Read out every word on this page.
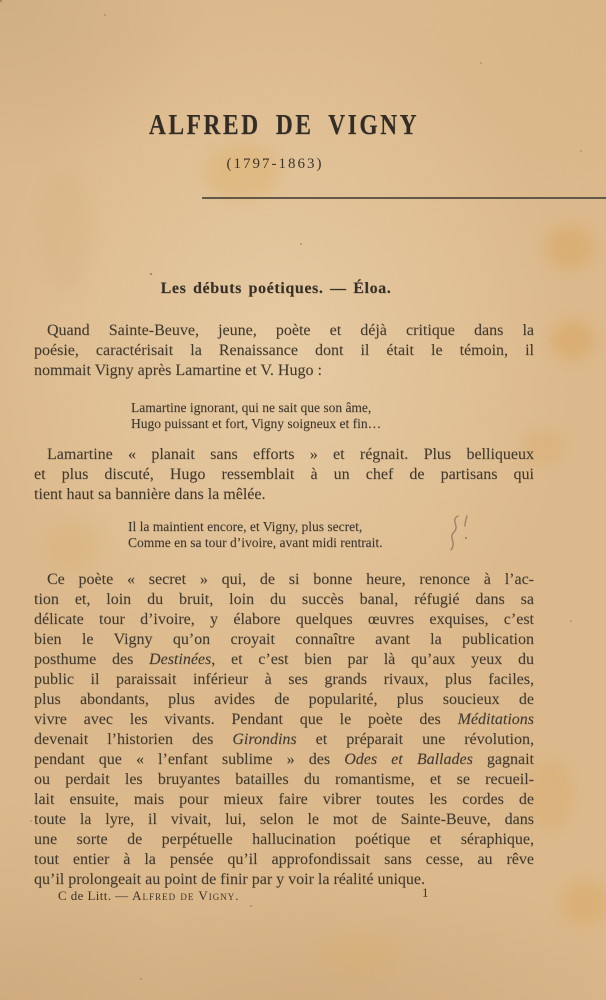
ALFRED DE VIGNY
(1797-1863)
Les débuts poétiques. — Éloa.
Quand Sainte-Beuve, jeune, poète et déjà critique dans la
poésie, caractérisait la Renaissance dont il était le témoin, il
nommait Vigny après Lamartine et V. Hugo :
Lamartine ignorant, qui ne sait que son âme,
Hugo puissant et fort, Vigny soigneux et fin…
Lamartine « planait sans efforts » et régnait. Plus belliqueux
et plus discuté, Hugo ressemblait à un chef de partisans qui
tient haut sa bannière dans la mêlée.
Il la maintient encore, et Vigny, plus secret,
Comme en sa tour d’ivoire, avant midi rentrait.
Ce poète « secret » qui, de si bonne heure, renonce à l’ac-
tion et, loin du bruit, loin du succès banal, réfugié dans sa
délicate tour d’ivoire, y élabore quelques œuvres exquises, c’est
bien le Vigny qu’on croyait connaître avant la publication
posthume des Destinées, et c’est bien par là qu’aux yeux du
public il paraissait inférieur à ses grands rivaux, plus faciles,
plus abondants, plus avides de popularité, plus soucieux de
vivre avec les vivants. Pendant que le poète des Méditations
devenait l’historien des Girondins et préparait une révolution,
pendant que « l’enfant sublime » des Odes et Ballades gagnait
ou perdait les bruyantes batailles du romantisme, et se recueil-
lait ensuite, mais pour mieux faire vibrer toutes les cordes de
toute la lyre, il vivait, lui, selon le mot de Sainte-Beuve, dans
une sorte de perpétuelle hallucination poétique et séraphique,
tout entier à la pensée qu’il approfondissait sans cesse, au rêve
qu’il prolongeait au point de finir par y voir la réalité unique.
C de Litt. — Alfred de Vigny.	1
